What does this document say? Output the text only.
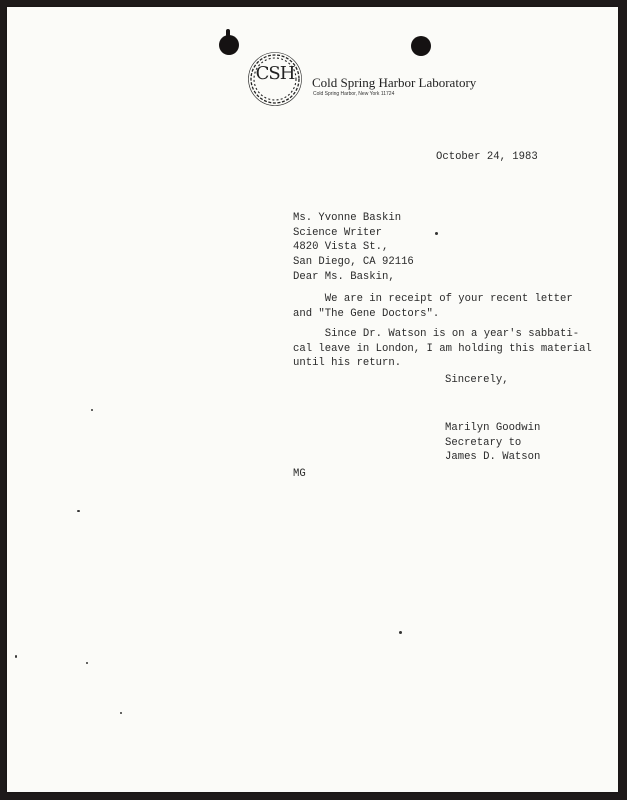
CSH	Cold Spring Harbor Laboratory
Cold Spring Harbor, New York 11724
October 24, 1983
Ms. Yvonne Baskin
Science Writer
4820 Vista St.,
San Diego, CA 92116
Dear Ms. Baskin,
We are in receipt of your recent letter
and "The Gene Doctors".
Since Dr. Watson is on a year's sabbati-
cal leave in London, I am holding this material
until his return.
Sincerely,
Marilyn Goodwin
Secretary to
James D. Watson
MG
